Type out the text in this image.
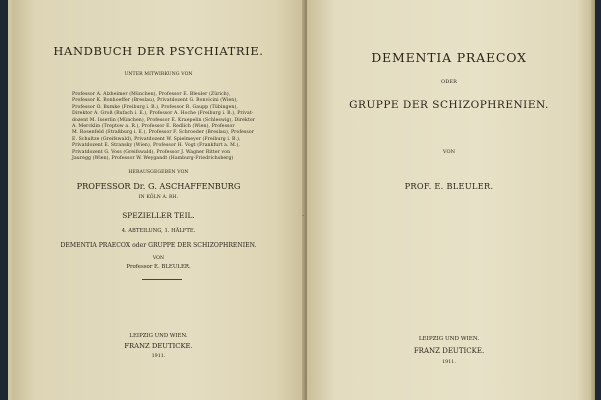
HANDBUCH DER PSYCHIATRIE.
UNTER MITWIRKUNG VON

Professor A. Alzheimer (München), Professor E. Bleuler (Zürich),

Professor K. Bonhoeffer (Breslau), Privatdozent G. Bonvicini (Wien),

Professor O. Bumke (Freiburg i. B.), Professor R. Gaupp (Tübingen),

Direktor A. Groß (Rufach i. E.), Professor A. Hoche (Freiburg i. B.), Privat-

dozent M. Isserlin (München), Professor E. Kraepelin (Schleswig), Direktor

A. Mercklin (Treptow a. R.), Professor E. Redlich (Wien), Professor

M. Rosenfeld (Straßburg i. E.), Professor F. Schroeder (Breslau), Professor

E. Schultze (Greifswald), Privatdozent W. Spielmeyer (Freiburg i. B.),

Privatdozent E. Stransky (Wien), Professor H. Vogt (Frankfurt a. M.),

Privatdozent G. Voss (Greifswald), Professor J. Wagner Ritter von

Jauregg (Wien), Professor W. Weygandt (Hamburg-Friedrichsberg)

HERAUSGEGEBEN VON
PROFESSOR Dr. G. ASCHAFFENBURG
IN KÖLN A. RH.
SPEZIELLER TEIL.
4. ABTEILUNG, 1. HÄLFTE.
DEMENTIA PRAECOX oder GRUPPE DER SCHIZOPHRENIEN.
VON
Professor E. BLEULER.
LEIPZIG UND WIEN.
FRANZ DEUTICKE.
1911.
·
DEMENTIA PRAECOX
ODER
GRUPPE DER SCHIZOPHRENIEN.
VON
PROF. E. BLEULER.
LEIPZIG UND WIEN.
FRANZ DEUTICKE.
1911.
